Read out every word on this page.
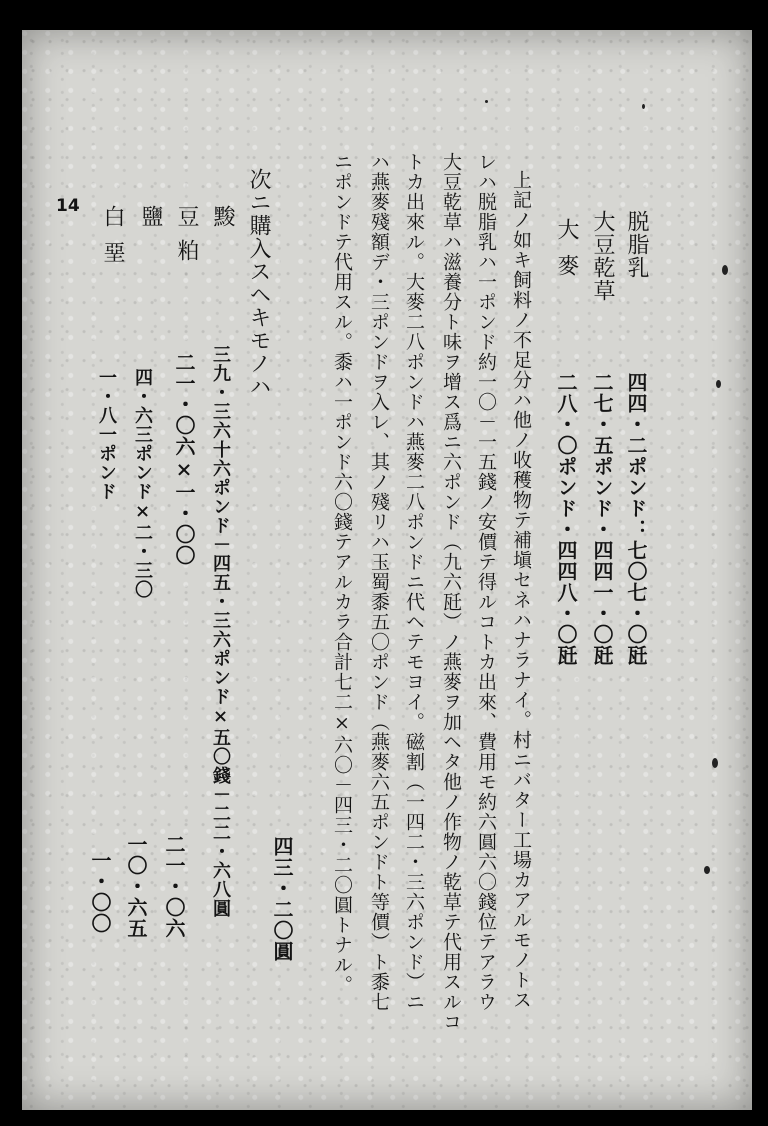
脱脂乳
四四・二ポンド：七〇七・〇瓩
大豆乾草
二七・五ポンド・四四一・〇瓩
大麥
二八・〇ポンド・四四八・〇瓩
上記ノ如キ飼料ノ不足分ハ他ノ收穫物テ補塡セネハナラナイ。村ニバター工場カアルモノトス
レハ脱脂乳ハ一ポンド約一〇－一五錢ノ安價テ得ルコトカ出來、費用モ約六圓六〇錢位テアラウ
大豆乾草ハ滋養分ト味ヲ增ス爲ニ六ポンド（九六瓩）ノ燕麥ヲ加ヘタ他ノ作物ノ乾草テ代用スルコ
トカ出來ル。大麥二八ポンドハ燕麥二八ポンドニ代ヘテモヨイ。磁割（一四二・三六ポンド）ニ
ハ燕麥殘額デ・三ポンドヲ入レ、其ノ殘リハ玉蜀黍五〇ポンド（燕麥六五ポンドト等價）ト黍七
ニポンドテ代用スル。黍ハ一ポンド六〇錢テアルカラ合計七二×六〇－四三・二〇圓トナル。
四三・二〇圓
次ニ購入スヘキモノハ
黢
三九・三六十六ポンド－四五・三六ポンド×五〇錢－二二・六八圓
豆粕
二一・〇六×一・〇〇
二一・〇六
鹽
四・六三ポンド×二・三〇
一〇・六五
白堊
一・八一ポンド
一・〇〇
14
